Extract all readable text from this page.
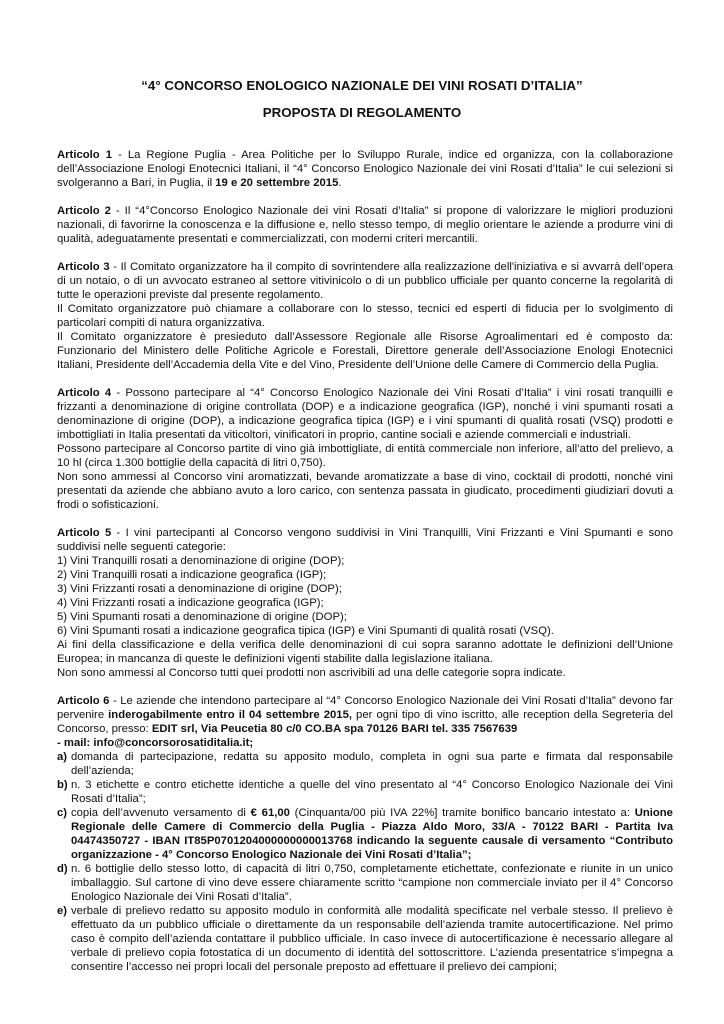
“4° CONCORSO ENOLOGICO NAZIONALE DEI VINI ROSATI D’ITALIA”
PROPOSTA DI REGOLAMENTO

Articolo 1 - La Regione Puglia - Area Politiche per lo Sviluppo Rurale, indice ed organizza, con la collaborazione dell’Associazione Enologi Enotecnici Italiani, il “4° Concorso Enologico Nazionale dei vini Rosati d’Italia” le cui selezioni si svolgeranno a Bari, in Puglia, il 19 e 20 settembre 2015.

Articolo 2 - Il “4°Concorso Enologico Nazionale dei vini Rosati d’Italia” si propone di valorizzare le migliori produzioni nazionali, di favorirne la conoscenza e la diffusione e, nello stesso tempo, di meglio orientare le aziende a produrre vini di qualità, adeguatamente presentati e commercializzati, con moderni criteri mercantili.

Articolo 3 - Il Comitato organizzatore ha il compito di sovrintendere alla realizzazione dell'iniziativa e si avvarrà dell’opera di un notaio, o di un avvocato estraneo al settore vitivinicolo o di un pubblico ufficiale per quanto concerne la regolarità di tutte le operazioni previste dal presente regolamento.

Il Comitato organizzatore può chiamare a collaborare con lo stesso, tecnici ed esperti di fiducia per lo svolgimento di particolari compiti di natura organizzativa.

Il Comitato organizzatore è presieduto dall’Assessore Regionale alle Risorse Agroalimentari ed è composto da: Funzionario del Ministero delle Politiche Agricole e Forestali, Direttore generale dell’Associazione Enologi Enotecnici Italiani, Presidente dell’Accademia della Vite e del Vino, Presidente dell’Unione delle Camere di Commercio della Puglia.

Articolo 4 - Possono partecipare al “4° Concorso Enologico Nazionale dei Vini Rosati d’Italia” i vini rosati tranquilli e frizzanti a denominazione di origine controllata (DOP) e a indicazione geografica (IGP), nonché i vini spumanti rosati a denominazione di origine (DOP), a indicazione geografica tipica (IGP) e i vini spumanti di qualità rosati (VSQ) prodotti e imbottigliati in Italia presentati da viticoltori, vinificatori in proprio, cantine sociali e aziende commerciali e industriali.

Possono partecipare al Concorso partite di vino già imbottigliate, di entità commerciale non inferiore, all’atto del prelievo, a 10 hl (circa 1.300 bottiglie della capacità di litri 0,750).

Non sono ammessi al Concorso vini aromatizzati, bevande aromatizzate a base di vino, cocktail di prodotti, nonché vini presentati da aziende che abbiano avuto a loro carico, con sentenza passata in giudicato, procedimenti giudiziari dovuti a frodi o sofisticazioni.

Articolo 5 - I vini partecipanti al Concorso vengono suddivisi in Vini Tranquilli, Vini Frizzanti e Vini Spumanti e sono suddivisi nelle seguenti categorie:

1) Vini Tranquilli rosati a denominazione di origine (DOP);

2) Vini Tranquilli rosati a indicazione geografica (IGP);

3) Vini Frizzanti rosati a denominazione di origine (DOP);

4) Vini Frizzanti rosati a indicazione geografica (IGP);

5) Vini Spumanti rosati a denominazione di origine (DOP);

6) Vini Spumanti rosati a indicazione geografica tipica (IGP) e Vini Spumanti di qualità rosati (VSQ).

Ai fini della classificazione e della verifica delle denominazioni di cui sopra saranno adottate le definizioni dell’Unione Europea; in mancanza di queste le definizioni vigenti stabilite dalla legislazione italiana.

Non sono ammessi al Concorso tutti quei prodotti non ascrivibili ad una delle categorie sopra indicate.

Articolo 6 - Le aziende che intendono partecipare al “4° Concorso Enologico Nazionale dei Vini Rosati d’Italia” devono far pervenire inderogabilmente entro il 04 settembre 2015, per ogni tipo di vino iscritto, alle reception della Segreteria del Concorso, presso: EDIT srl, Via Peucetia 80 c/0 CO.BA spa 70126 BARI tel. 335 7567639

- mail: info@concorsorosatiditalia.it;

a) domanda di partecipazione, redatta su apposito modulo, completa in ogni sua parte e firmata dal responsabile dell’azienda;
b) n. 3 etichette e contro etichette identiche a quelle del vino presentato al “4° Concorso Enologico Nazionale dei Vini Rosati d’Italia”;
c) copia dell’avvenuto versamento di € 61,00 (Cinquanta/00 più IVA 22%] tramite bonifico bancario intestato a: Unione Regionale delle Camere di Commercio della Puglia - Piazza Aldo Moro, 33/A - 70122 BARI - Partita Iva 04474350727 - IBAN IT85P0701204000000000013768 indicando la seguente causale di versamento “Contributo organizzazione - 4° Concorso Enologico Nazionale dei Vini Rosati d’Italia”;
d) n. 6 bottiglie dello stesso lotto, di capacità di litri 0,750, completamente etichettate, confezionate e riunite in un unico imballaggio. Sul cartone di vino deve essere chiaramente scritto “campione non commerciale inviato per il 4° Concorso Enologico Nazionale dei Vini Rosati d’Italia”.
e) verbale di prelievo redatto su apposito modulo in conformità alle modalità specificate nel verbale stesso. Il prelievo è effettuato da un pubblico ufficiale o direttamente da un responsabile dell’azienda tramite autocertificazione. Nel primo caso è compito dell’azienda contattare il pubblico ufficiale. In caso invece di autocertificazione è necessario allegare al verbale di prelievo copia fotostatica di un documento di identità del sottoscrittore. L’azienda presentatrice s’impegna a consentire l’accesso nei propri locali del personale preposto ad effettuare il prelievo dei campioni;
